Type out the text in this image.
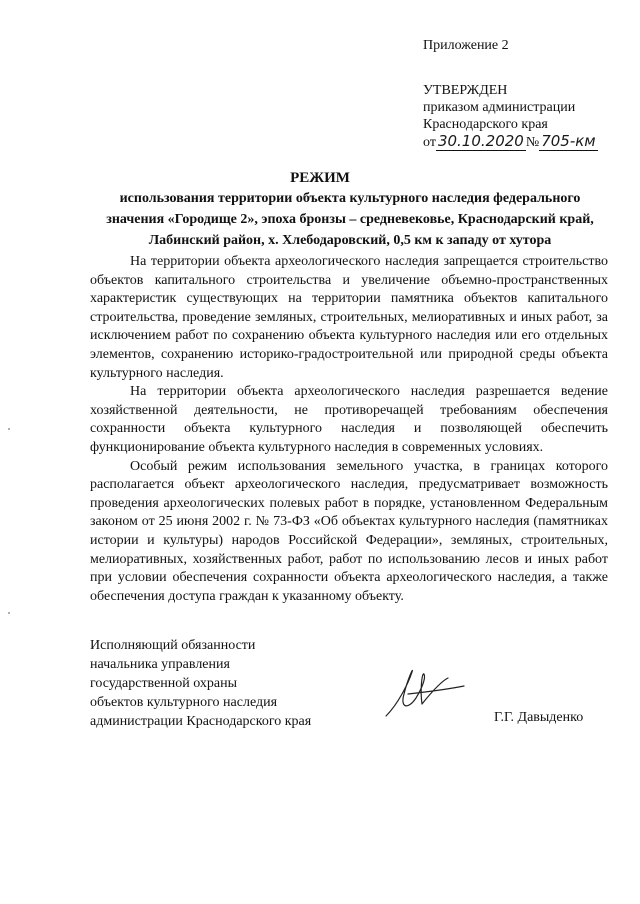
Приложение 2
УТВЕРЖДЕН
приказом администрации
Краснодарского края
от 30.10.2020 № 705-км
РЕЖИМ
использования территории объекта культурного наследия федерального значения «Городище 2», эпоха бронзы – средневековье, Краснодарский край, Лабинский район, х. Хлебодаровский, 0,5 км к западу от хутора

На территории объекта археологического наследия запрещается строительство объектов капитального строительства и увеличение объемно-пространственных характеристик существующих на территории памятника объектов капитального строительства, проведение земляных, строительных, мелиоративных и иных работ, за исключением работ по сохранению объекта культурного наследия или его отдельных элементов, сохранению историко-градостроительной или природной среды объекта культурного наследия.

На территории объекта археологического наследия разрешается ведение хозяйственной деятельности, не противоречащей требованиям обеспечения сохранности объекта культурного наследия и позволяющей обеспечить функционирование объекта культурного наследия в современных условиях.

Особый режим использования земельного участка, в границах которого располагается объект археологического наследия, предусматривает возможность проведения археологических полевых работ в порядке, установленном Федеральным законом от 25 июня 2002 г. № 73-ФЗ «Об объектах культурного наследия (памятниках истории и культуры) народов Российской Федерации», земляных, строительных, мелиоративных, хозяйственных работ, работ по использованию лесов и иных работ при условии обеспечения сохранности объекта археологического наследия, а также обеспечения доступа граждан к указанному объекту.

Исполняющий обязанности
начальника управления
государственной охраны
объектов культурного наследия
администрации Краснодарского края	Г.Г. Давыденко
